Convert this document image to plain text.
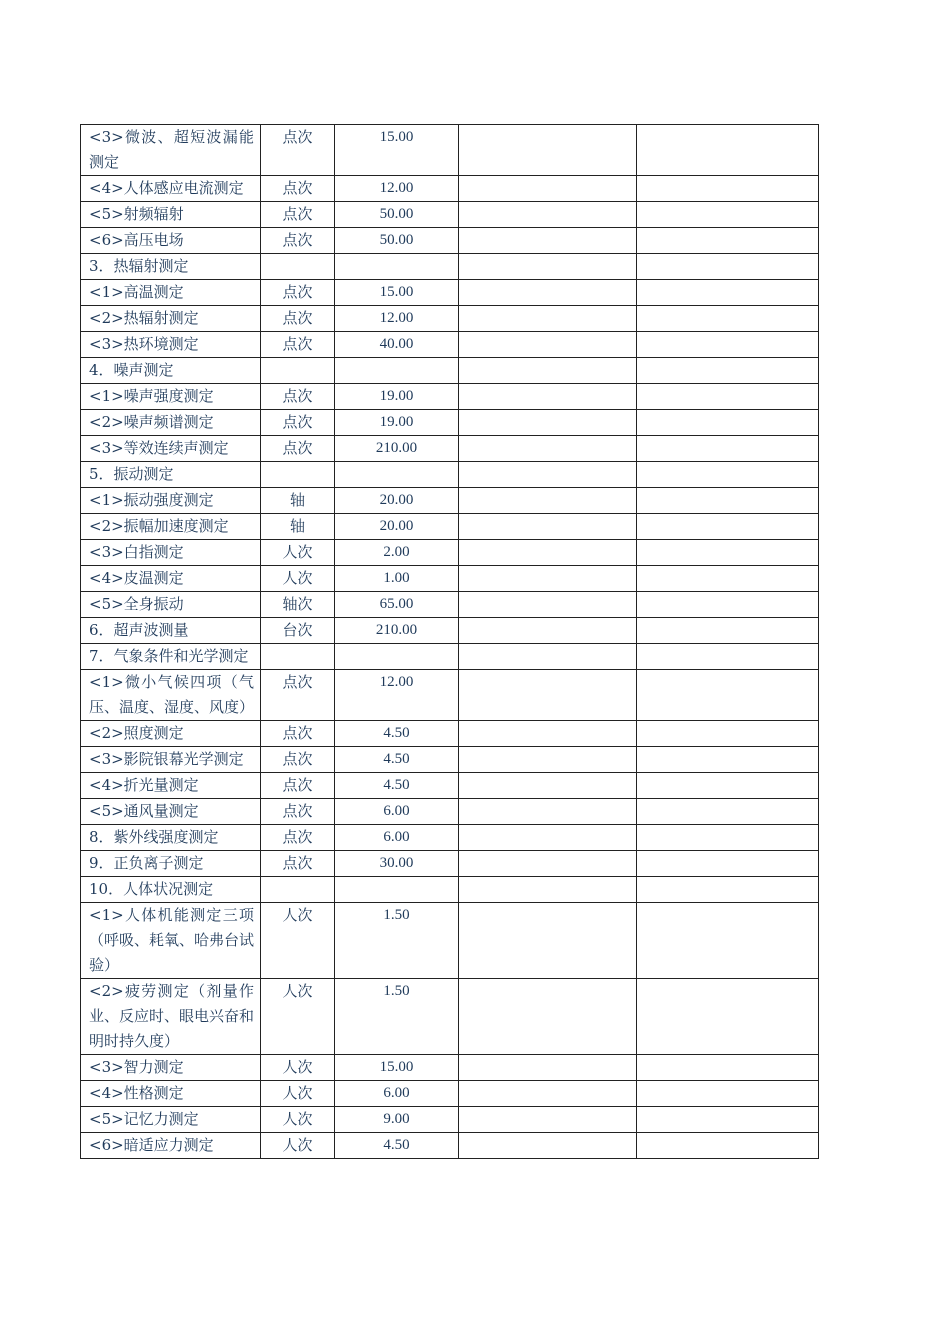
<3>微波、超短波漏能测定	点次	15.00		
<4>人体感应电流测定	点次	12.00		
<5>射频辐射	点次	50.00		
<6>高压电场	点次	50.00		
3．热辐射测定				
<1>高温测定	点次	15.00		
<2>热辐射测定	点次	12.00		
<3>热环境测定	点次	40.00		
4．噪声测定				
<1>噪声强度测定	点次	19.00		
<2>噪声频谱测定	点次	19.00		
<3>等效连续声测定	点次	210.00		
5．振动测定				
<1>振动强度测定	轴	20.00		
<2>振幅加速度测定	轴	20.00		
<3>白指测定	人次	2.00		
<4>皮温测定	人次	1.00		
<5>全身振动	轴次	65.00		
6．超声波测量	台次	210.00		
7．气象条件和光学测定				
<1>微小气候四项（气压、温度、湿度、风度）	点次	12.00		
<2>照度测定	点次	4.50		
<3>影院银幕光学测定	点次	4.50		
<4>折光量测定	点次	4.50		
<5>通风量测定	点次	6.00		
8．紫外线强度测定	点次	6.00		
9．正负离子测定	点次	30.00		
10．人体状况测定				
<1>人体机能测定三项（呼吸、耗氧、哈弗台试验）	人次	1.50		
<2>疲劳测定（剂量作业、反应时、眼电兴奋和明时持久度）	人次	1.50		
<3>智力测定	人次	15.00		
<4>性格测定	人次	6.00		
<5>记忆力测定	人次	9.00		
<6>暗适应力测定	人次	4.50		
